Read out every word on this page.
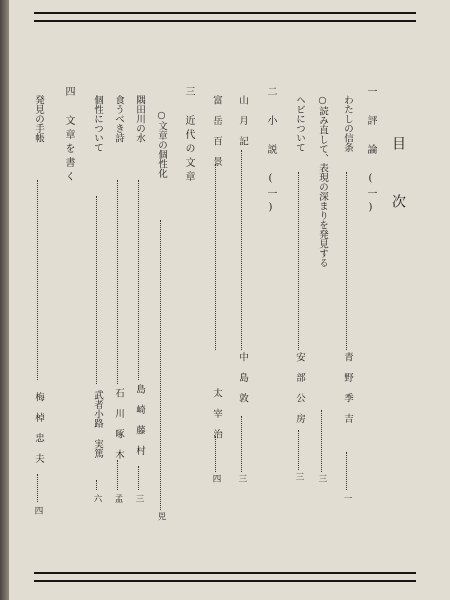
目 次
一 評 論 (一)
わたしの信条
青 野 季 吉
一
○読み直して、表現の深まりを発見する
三
ヘビについて
安 部 公 房
三
二 小 説 (一)
山 月 記
中 島 敦
三
富 岳 百 景
太 宰 治
四
三 近代の文章
○文章の個性化
兕
隅田川の水
島 崎 藤 村
三
食うべき詩
石 川 啄 木
孟
個性について
武者小路 実篤
六
四 文章を書く
発見の手帳
梅 棹 忠 夫
四
